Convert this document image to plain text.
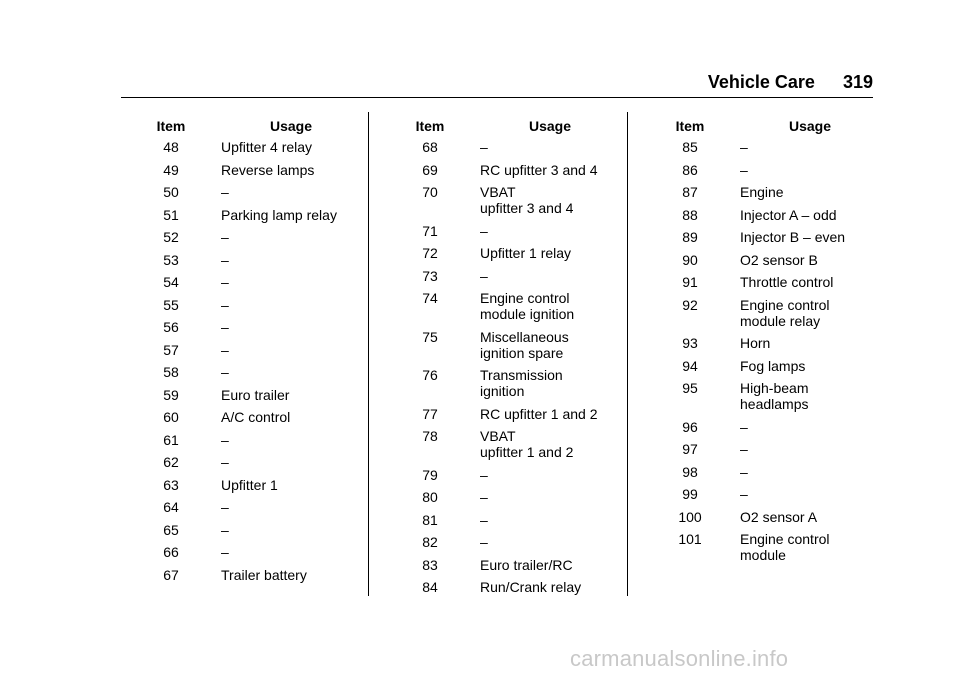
Vehicle Care 319
Item	Usage
48	Upfitter 4 relay
49	Reverse lamps
50	–
51	Parking lamp relay
52	–
53	–
54	–
55	–
56	–
57	–
58	–
59	Euro trailer
60	A/C control
61	–
62	–
63	Upfitter 1
64	–
65	–
66	–
67	Trailer battery
Item	Usage
68	–
69	RC upfitter 3 and 4
70	VBAT
upfitter 3 and 4
71	–
72	Upfitter 1 relay
73	–
74	Engine control
module ignition
75	Miscellaneous
ignition spare
76	Transmission
ignition
77	RC upfitter 1 and 2
78	VBAT
upfitter 1 and 2
79	–
80	–
81	–
82	–
83	Euro trailer/RC
84	Run/Crank relay
Item	Usage
85	–
86	–
87	Engine
88	Injector A – odd
89	Injector B – even
90	O2 sensor B
91	Throttle control
92	Engine control
module relay
93	Horn
94	Fog lamps
95	High-beam
headlamps
96	–
97	–
98	–
99	–
100	O2 sensor A
101	Engine control
module
carmanualsonline.info
